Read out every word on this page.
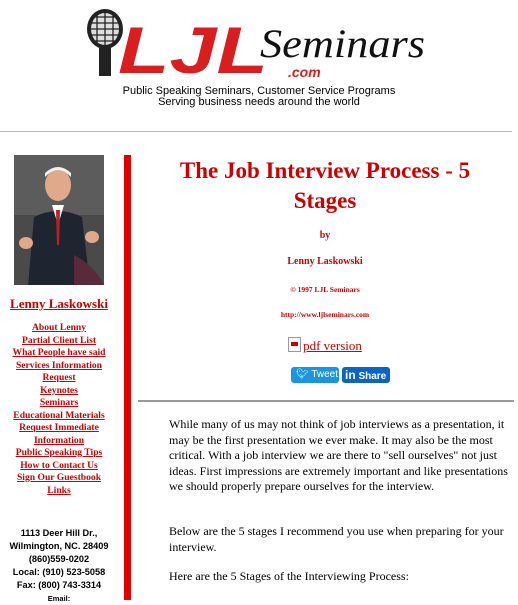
LJL
Seminars
.com
Public Speaking Seminars, Customer Service Programs
Serving business needs around the world
Lenny Laskowski
About Lenny
Partial Client List
What People have said
Services Information
Request
Keynotes
Seminars
Educational Materials
Request Immediate
Information
Public Speaking Tips
How to Contact Us
Sign Our Guestbook
Links
1113 Deer Hill Dr.,
Wilmington, NC. 28409
(860)559-0202
Local: (910) 523-5058
Fax: (800) 743-3314
Email:
The Job Interview Process - 5
Stages
by
Lenny Laskowski
© 1997 LJL Seminars
http://www.ljlseminars.com
pdf version
🐦︎ Tweet in Share
While many of us may not think of job interviews as a presentation, it may be the first presentation we ever make. It may also be the most critical. With a job interview we are there to "sell ourselves" not just ideas. First impressions are extremely important and like presentations we should properly prepare ourselves for the interview.
Below are the 5 stages I recommend you use when preparing for your interview.
Here are the 5 Stages of the Interviewing Process:
